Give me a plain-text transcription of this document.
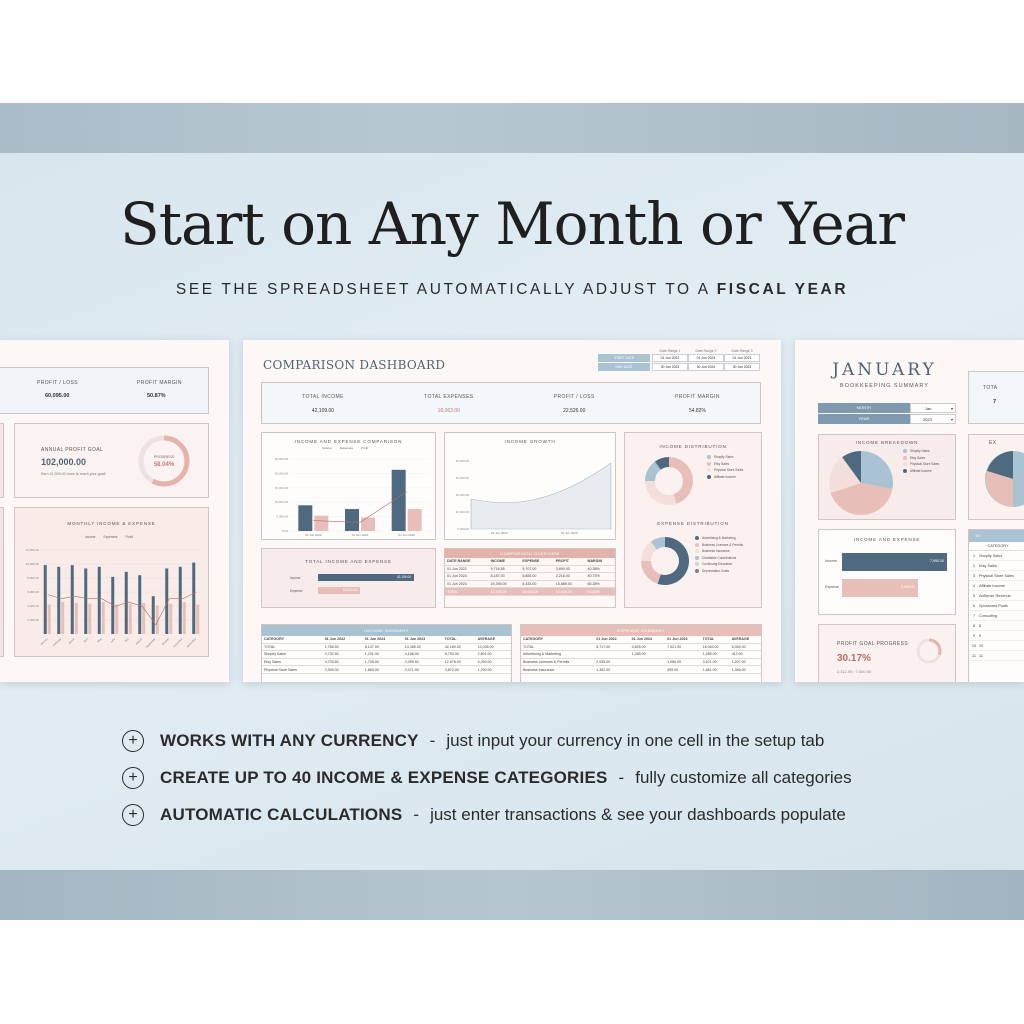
Start on Any Month or Year
SEE THE SPREADSHEET AUTOMATICALLY ADJUST TO A FISCAL YEAR
PROFIT / LOSS
60,095.00
PROFIT MARGIN
50.87%
ANNUAL PROFIT GOAL
102,000.00
Earn 41,905.00 more to reach your goal!
PROGRESS
58.04%
MONTHLY INCOME & EXPENSE
Income	Expenses	Profit
12,000.00
10,000.00
8,000.00
6,000.00
4,000.00
2,000.00
January February March	April	May	June	July August September October November December
COMPARISON DASHBOARD
Date Range 1	Date Range 2	Date Range 3
START DATE	01 Jun 2022	01 Jun 2024	01 Jun 2023
END DATE	30 Jun 2023	30 Jun 2024	30 Jun 2023
TOTAL INCOME
42,109.00
TOTAL EXPENSES
18,063.00
PROFIT / LOSS
22,526.00
PROFIT MARGIN
54.82%
INCOME AND EXPENSE COMPARISON
Income	Expenses	Profit
25,000.00
20,000.00
15,000.00
10,000.00
5,000.00
0.00
01 Jun 2022	01 Jun 2024	01 Jun 2023
INCOME GROWTH
25,000.00
20,000.00
15,000.00
10,000.00
5,000.00
01 Jun 2022	01 Jun 2023
INCOME DISTRIBUTION
Shopify Sales
Etsy Sales
Physical Store Sales
Affiliate Income
EXPENSE DISTRIBUTION
Advertising & Marketing
Business Licenses & Permits
Business Insurance
Charitable Contributions
Continuing Education
Depreciation Costs
TOTAL INCOME AND EXPENSE
Income	42,109.00
Expense	18,063.00
COMPARISON OVERVIEW
DATE RANGE	INCOME	EXPENSE	PROFIT	MARGIN
01 Jun 2022	9,716.55	5,707.00	3,890.00	40.38%
01 Jun 2024	8,187.00	5,855.00	2,216.00	40.73%
01 Jun 2023	24,395.00	8,433.00	15,889.00	65.28%
TOTAL	42,109.00	18,063.00	22,526.00	54.82%
INCOME SUMMARY
CATEGORY	01 Jun 2022	01 Jun 2024	01 Jun 2023	TOTAL	AVERAGE
TOTAL	1,756.50	8,147.00	14,385.00	42,169.00	14,036.00
Shopify Sales	2,732.50	1,231.00	4,106.00	8,753.00	2,801.00
Etsy Sales	4,705.50	1,705.00	2,059.50	12,878.00	4,293.00
Physical Store Sales	2,309.00	1,865.00	2,071.00	3,872.00	1,290.00
EXPENSE SUMMARY
CATEGORY	01 Jun 2022	01 Jun 2024	01 Jun 2023	TOTAL	AVERAGE
TOTAL	5,717.00	4,825.00	7,521.00	18,063.00	6,354.00
Advertising & Marketing		1,285.00		1,285.00	412.00
Business Licenses & Permits	2,535.00		1,086.00	3,621.00	1,207.00
Business Insurance	1,362.00		499.00	1,861.00	1,346.00
JANUARY
BOOKKEEPING SUMMARY
MONTH	Jan	▾
YEAR	2023	▾
TOTA
7
INCOME BREAKDOWN
Shopify Sales
Etsy Sales
Physical Store Sales
Affiliate Income
EX
INCOME AND EXPENSE
Income	7,990.00
Expense	3,400.00
PROFIT GOAL PROGRESS
30.17%
2,112.00 / 7,000.00
TO
CATEGORY
1	Shopify Sales
2	Etsy Sales
3	Physical Store Sales
4	Affiliate Income
5	AdSense Revenue
6	Sponsored Posts
7	Consulting
8	8
9	9
10 10
11 11
+	WORKS WITH ANY CURRENCY - just input your currency in one cell in the setup tab
+	CREATE UP TO 40 INCOME & EXPENSE CATEGORIES - fully customize all categories
+	AUTOMATIC CALCULATIONS - just enter transactions & see your dashboards populate
